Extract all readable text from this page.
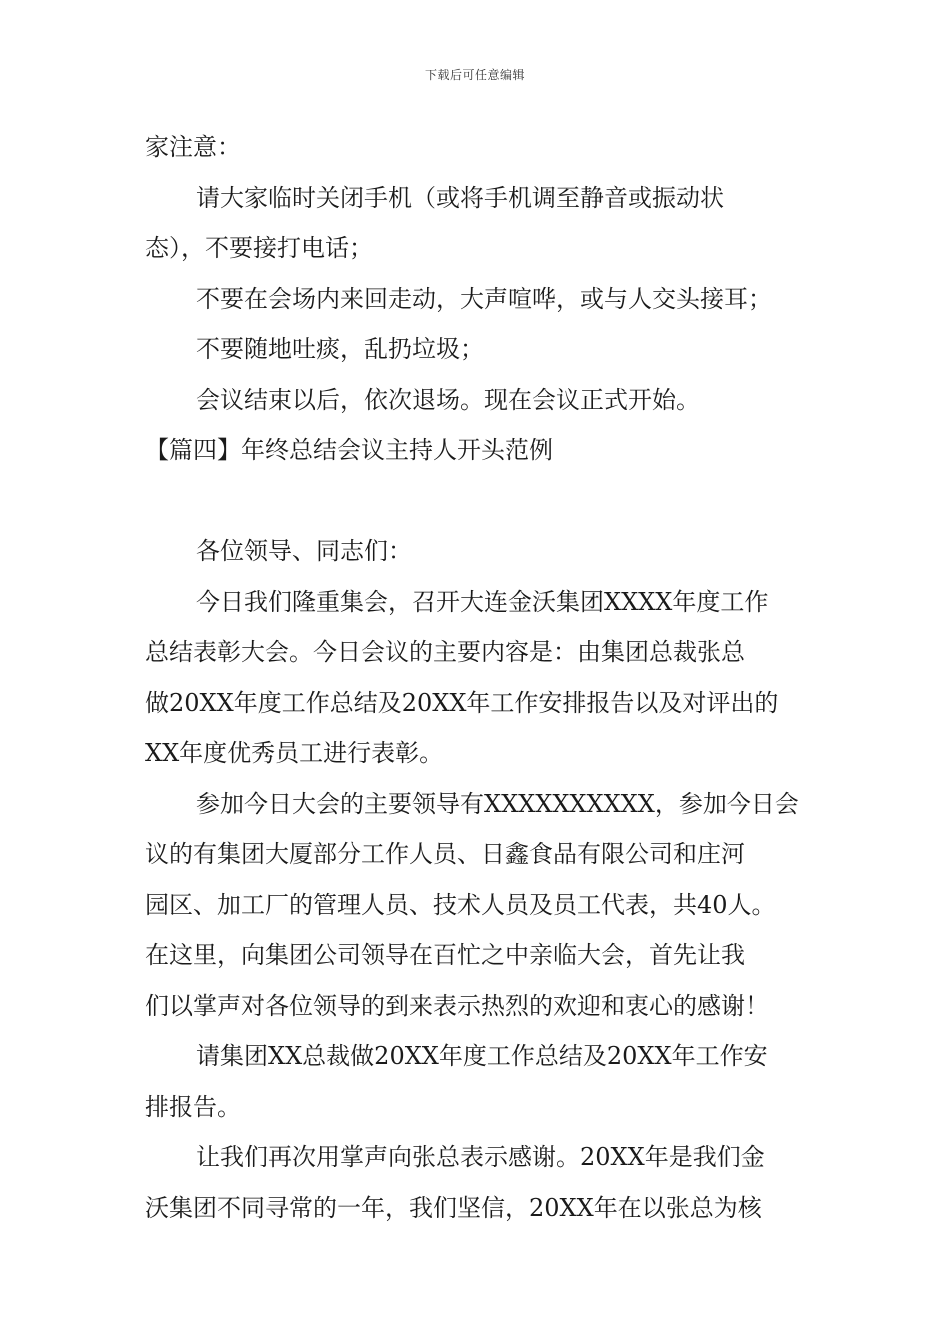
下载后可任意编辑
家注意：
请大家临时关闭手机（或将手机调至静音或振动状
态），不要接打电话；
不要在会场内来回走动，大声喧哗，或与人交头接耳；
不要随地吐痰，乱扔垃圾；
会议结束以后，依次退场。现在会议正式开始。
【篇四】年终总结会议主持人开头范例
各位领导、同志们：
今日我们隆重集会，召开大连金沃集团XXXX年度工作
总结表彰大会。今日会议的主要内容是：由集团总裁张总
做20XX年度工作总结及20XX年工作安排报告以及对评出的
XX年度优秀员工进行表彰。
参加今日大会的主要领导有XXXXXXXXXX，参加今日会
议的有集团大厦部分工作人员、日鑫食品有限公司和庄河
园区、加工厂的管理人员、技术人员及员工代表，共40人。
在这里，向集团公司领导在百忙之中亲临大会，首先让我
们以掌声对各位领导的到来表示热烈的欢迎和衷心的感谢！
请集团XX总裁做20XX年度工作总结及20XX年工作安
排报告。
让我们再次用掌声向张总表示感谢。20XX年是我们金
沃集团不同寻常的一年，我们坚信，20XX年在以张总为核
